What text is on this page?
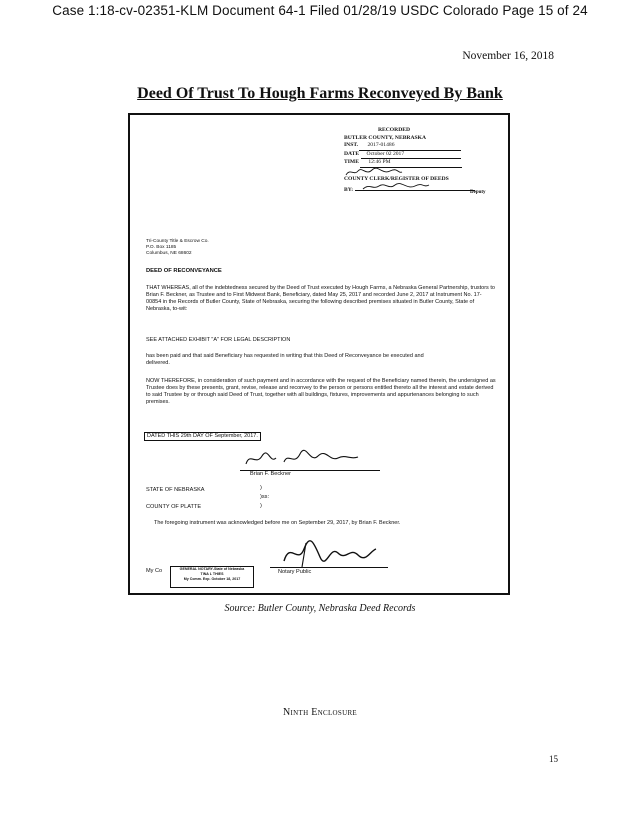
Case 1:18-cv-02351-KLM Document 64-1 Filed 01/28/19 USDC Colorado Page 15 of 24
November 16, 2018
Deed Of Trust To Hough Farms Reconveyed By Bank
RECORDED
BUTLER COUNTY, NEBRASKA
INST. 2017-01486
DATE October 02 2017
TIME 12:46 PM
COUNTY CLERK/REGISTER OF DEEDS
BY:	Deputy
Tri-County Title & Escrow Co.
P.O. Box 1185
Columbus, NE 68602
DEED OF RECONVEYANCE
THAT WHEREAS, all of the indebtedness secured by the Deed of Trust executed by Hough Farms, a Nebraska General Partnership, trustors to Brian F. Beckner, as Trustee and to First Midwest Bank, Beneficiary, dated May 25, 2017 and recorded June 2, 2017 at Instrument No. 17-00854 in the Records of Butler County, State of Nebraska, securing the following described premises situated in Butler County, State of Nebraska, to-wit:
SEE ATTACHED EXHIBIT "A" FOR LEGAL DESCRIPTION
has been paid and that said Beneficiary has requested in writing that this Deed of Reconveyance be executed and delivered.
NOW THEREFORE, in consideration of such payment and in accordance with the request of the Beneficiary named therein, the undersigned as Trustee does by these presents, grant, revise, release and reconvey to the person or persons entitled thereto all the interest and estate derived to said Trustee by or through said Deed of Trust, together with all buildings, fixtures, improvements and appurtenances belonging to such premises.
DATED THIS 29th DAY OF September, 2017.
Brian F. Beckner
STATE OF NEBRASKA	)
)ss:
)
COUNTY OF PLATTE
The foregoing instrument was acknowledged before me on September 29, 2017, by Brian F. Beckner.
Notary Public
My Co	GENERAL NOTARY-State of Nebraska
TINA L THIES
My Comm. Exp. October 18, 2017
Source: Butler County, Nebraska Deed Records
Ninth Enclosure
15
